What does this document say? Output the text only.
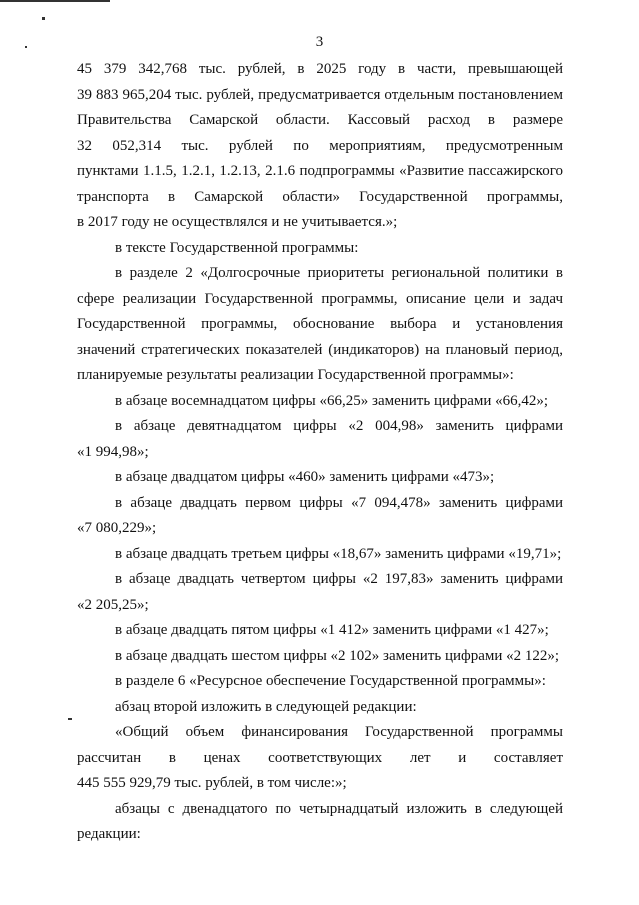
3
45 379 342,768 тыс. рублей, в 2025 году в части, превышающей
39 883 965,204 тыс. рублей, предусматривается отдельным постановлением
Правительства Самарской области. Кассовый расход в размере
32 052,314 тыс. рублей по мероприятиям, предусмотренным
пунктами 1.1.5, 1.2.1, 1.2.13, 2.1.6 подпрограммы «Развитие пассажирского
транспорта в Самарской области» Государственной программы,
в 2017 году не осуществлялся и не учитывается.»;
в тексте Государственной программы:
в разделе 2 «Долгосрочные приоритеты региональной политики в
сфере реализации Государственной программы, описание цели и задач
Государственной программы, обоснование выбора и установления
значений стратегических показателей (индикаторов) на плановый период,
планируемые результаты реализации Государственной программы»:
в абзаце восемнадцатом цифры «66,25» заменить цифрами «66,42»;
в абзаце девятнадцатом цифры «2 004,98» заменить цифрами
«1 994,98»;
в абзаце двадцатом цифры «460» заменить цифрами «473»;
в абзаце двадцать первом цифры «7 094,478» заменить цифрами
«7 080,229»;
в абзаце двадцать третьем цифры «18,67» заменить цифрами «19,71»;
в абзаце двадцать четвертом цифры «2 197,83» заменить цифрами
«2 205,25»;
в абзаце двадцать пятом цифры «1 412» заменить цифрами «1 427»;
в абзаце двадцать шестом цифры «2 102» заменить цифрами «2 122»;
в разделе 6 «Ресурсное обеспечение Государственной программы»:
абзац второй изложить в следующей редакции:
«Общий объем финансирования Государственной программы
рассчитан в ценах соответствующих лет и составляет
445 555 929,79 тыс. рублей, в том числе:»;
абзацы с двенадцатого по четырнадцатый изложить в следующей
редакции:
